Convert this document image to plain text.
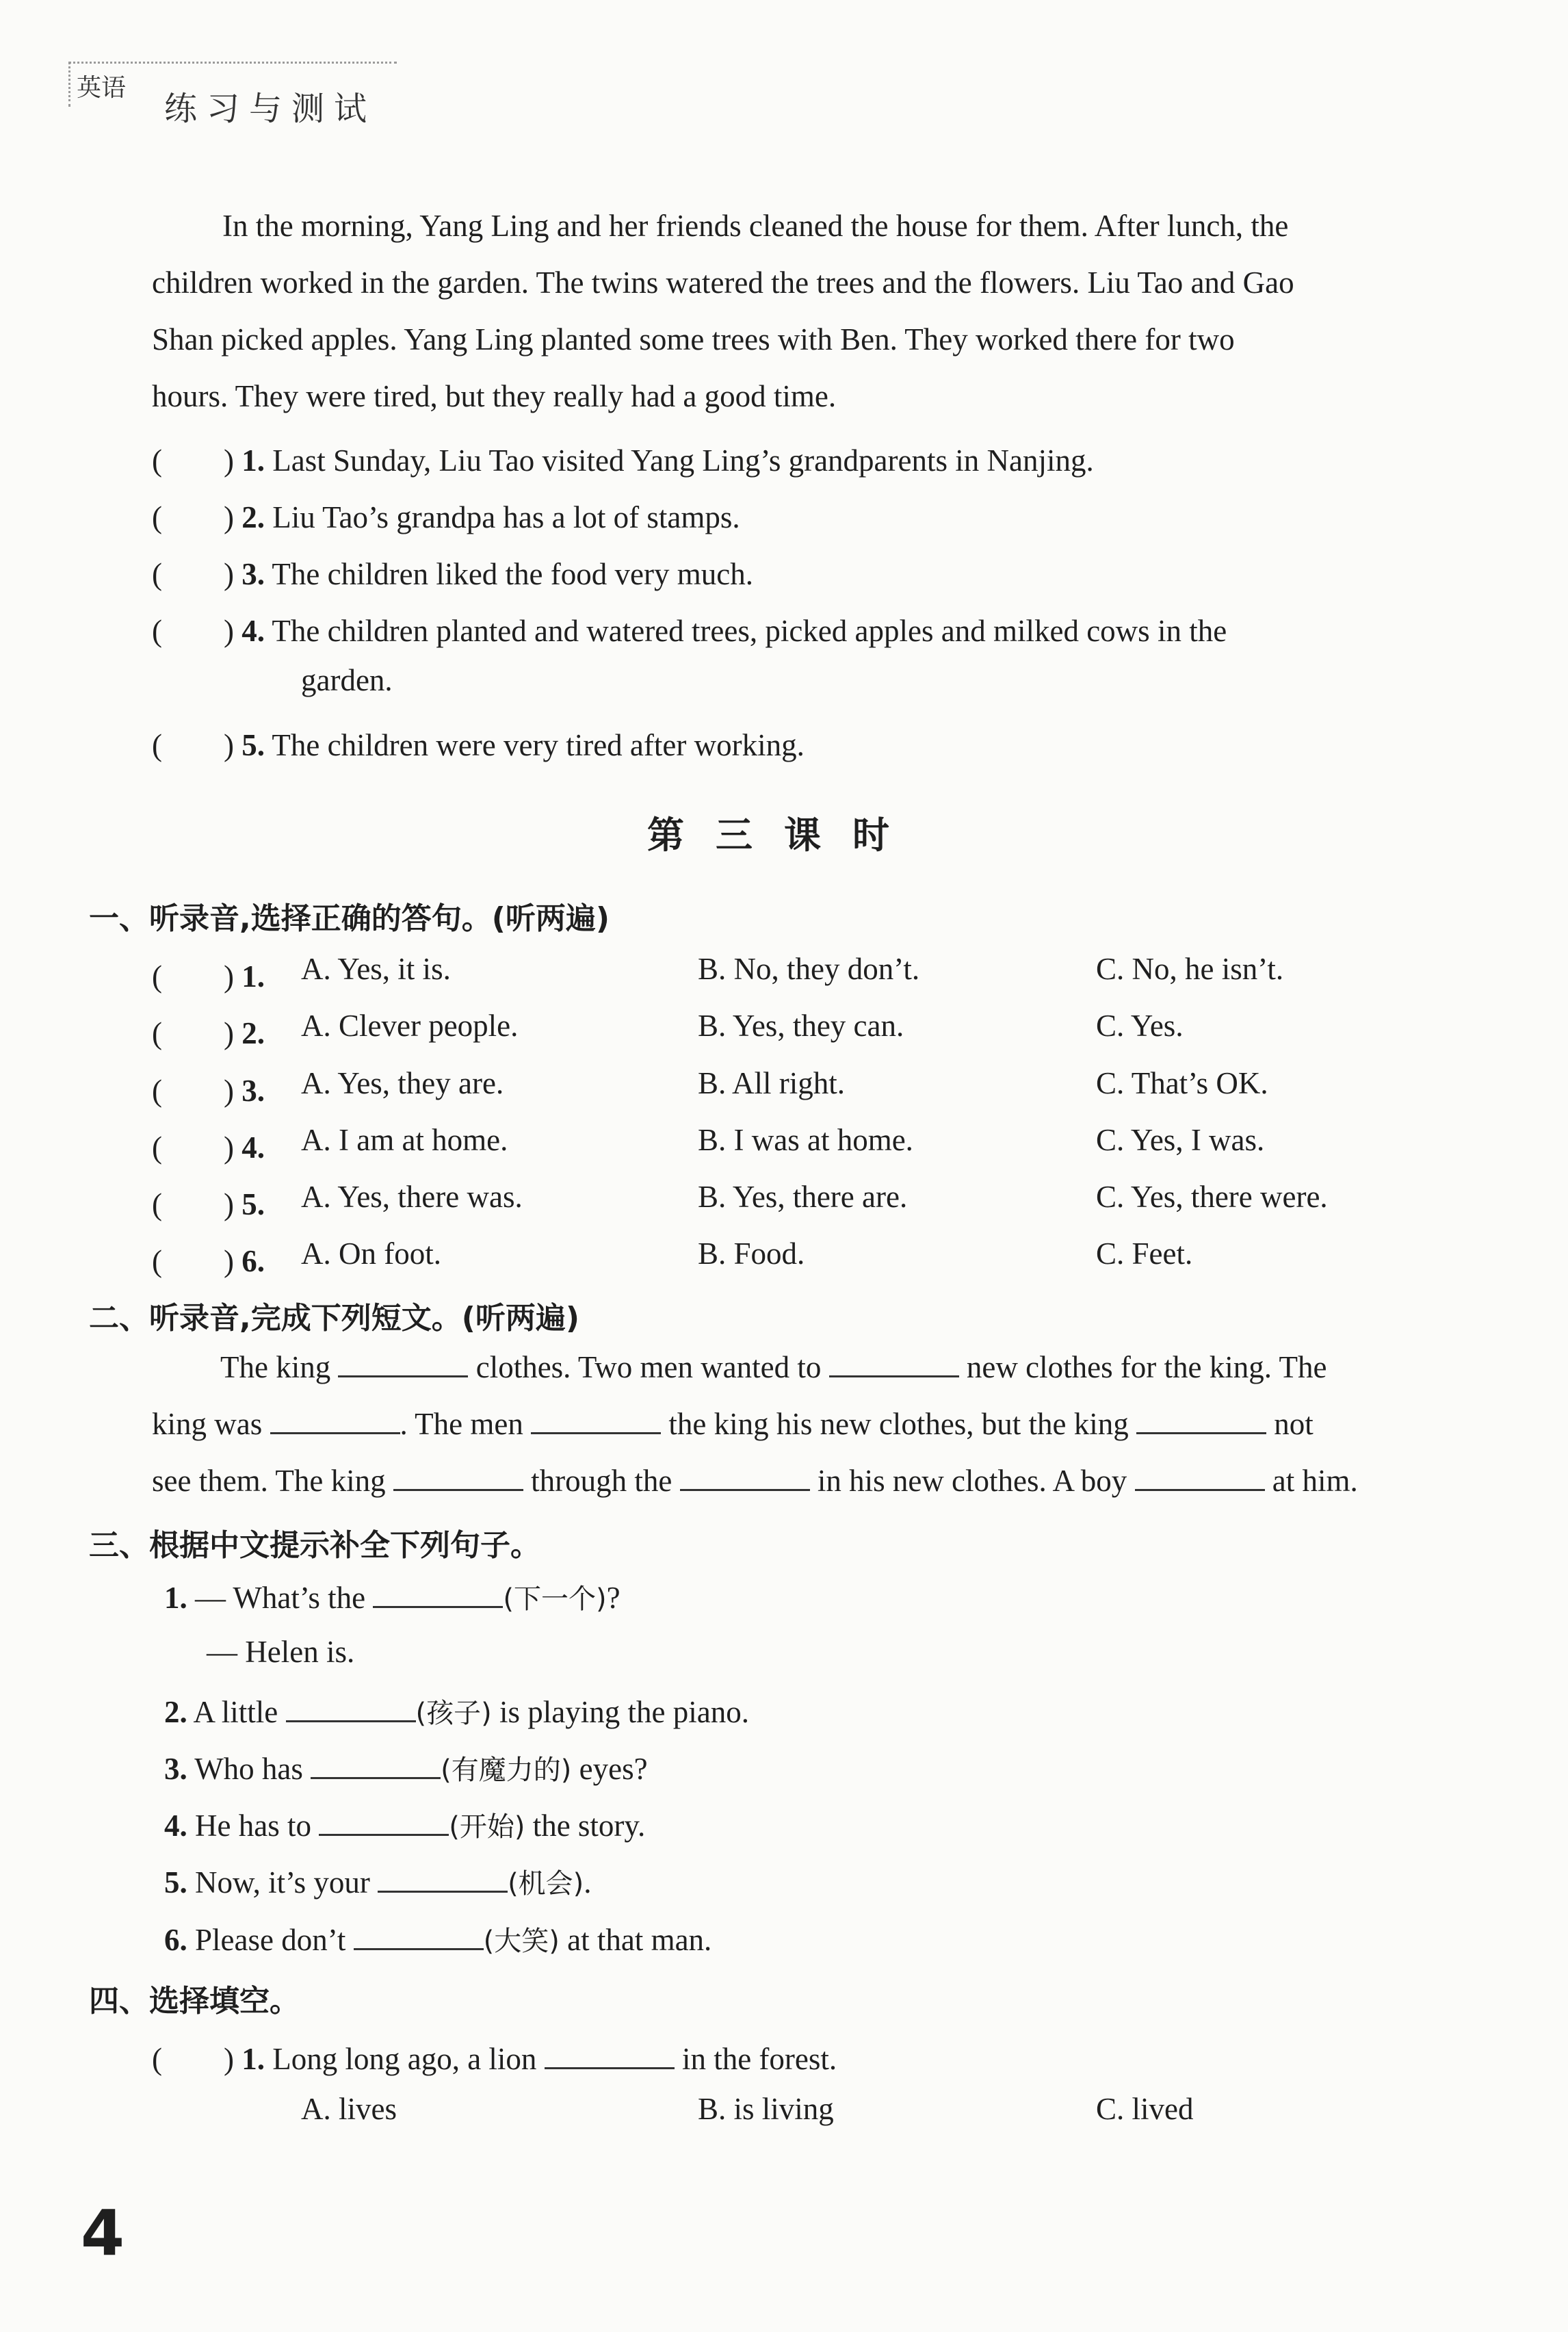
英语
练习与测试
In the morning, Yang Ling and her friends cleaned the house for them. After lunch, the
children worked in the garden. The twins watered the trees and the flowers. Liu Tao and Gao
Shan picked apples. Yang Ling planted some trees with Ben. They worked there for two
hours. They were tired, but they really had a good time.
(　　) 1. Last Sunday, Liu Tao visited Yang Ling’s grandparents in Nanjing.
(　　) 2. Liu Tao’s grandpa has a lot of stamps.
(　　) 3. The children liked the food very much.
(　　) 4. The children planted and watered trees, picked apples and milked cows in the
garden.
(　　) 5. The children were very tired after working.
第三课时
一、听录音,选择正确的答句。(听两遍)
(　　) 1. A. Yes, it is.	B. No, they don’t.	C. No, he isn’t.
(　　) 2. A. Clever people.	B. Yes, they can.	C. Yes.
(　　) 3. A. Yes, they are.	B. All right.	C. That’s OK.
(　　) 4. A. I am at home.	B. I was at home.	C. Yes, I was.
(　　) 5. A. Yes, there was.	B. Yes, there are.	C. Yes, there were.
(　　) 6. A. On foot.	B. Food.	C. Feet.
二、听录音,完成下列短文。(听两遍)
The king	clothes. Two men wanted to	new clothes for the king. The
king was	. The men	the king his new clothes, but the king	not
see them. The king	through the	in his new clothes. A boy	at him.
三、根据中文提示补全下列句子。
1. — What’s the	(下一个)?
— Helen is.
2. A little	(孩子) is playing the piano.
3. Who has	(有魔力的) eyes?
4. He has to	(开始) the story.
5. Now, it’s your	(机会).
6. Please don’t	(大笑) at that man.
四、选择填空。
(　　) 1. Long long ago, a lion	in the forest.
A. lives	B. is living	C. lived
4
